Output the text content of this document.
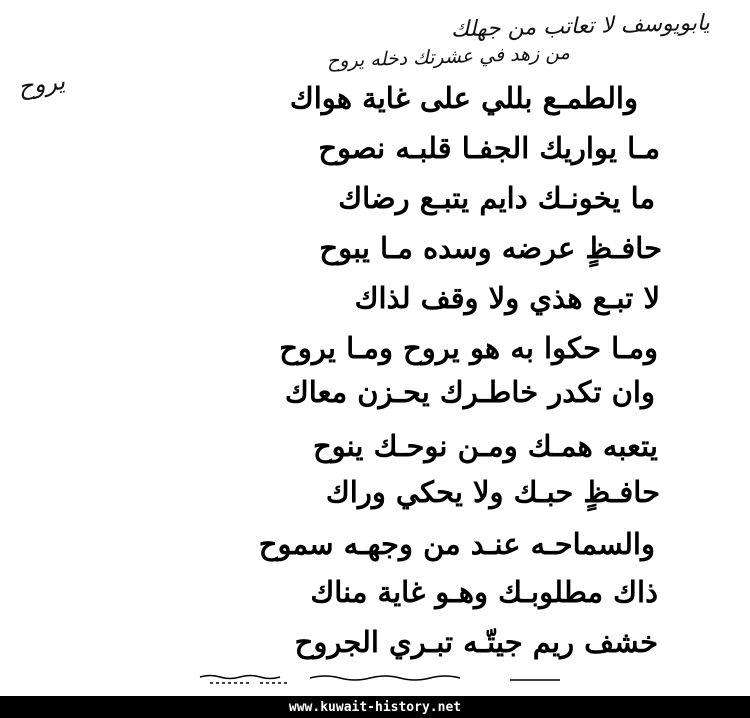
يابويوسف لا تعاتب من جهلك
من زهد في عشرتك دخله يروح
يروح	والطمـع بللي على غاية هواك
مـا يواريك الجفـا قلبـه نصوح
ما يخونـك دايم يتبـع رضاك
حافـظٍ عرضه وسده مـا يبوح
لا تبـع هذي ولا وقف لذاك
ومـا حكوا به هو يروح ومـا يروح
وان تكدر خاطـرك يحـزن معاك
يتعبه همـك ومـن نوحـك ينوح
حافـظٍ حبـك ولا يحكي وراك
والسماحـه عنـد من وجهـه سموح
ذاك مطلوبـك وهـو غاية مناك
خشف ريم جيتّـه تبـري الجروح
www.kuwait-history.net
